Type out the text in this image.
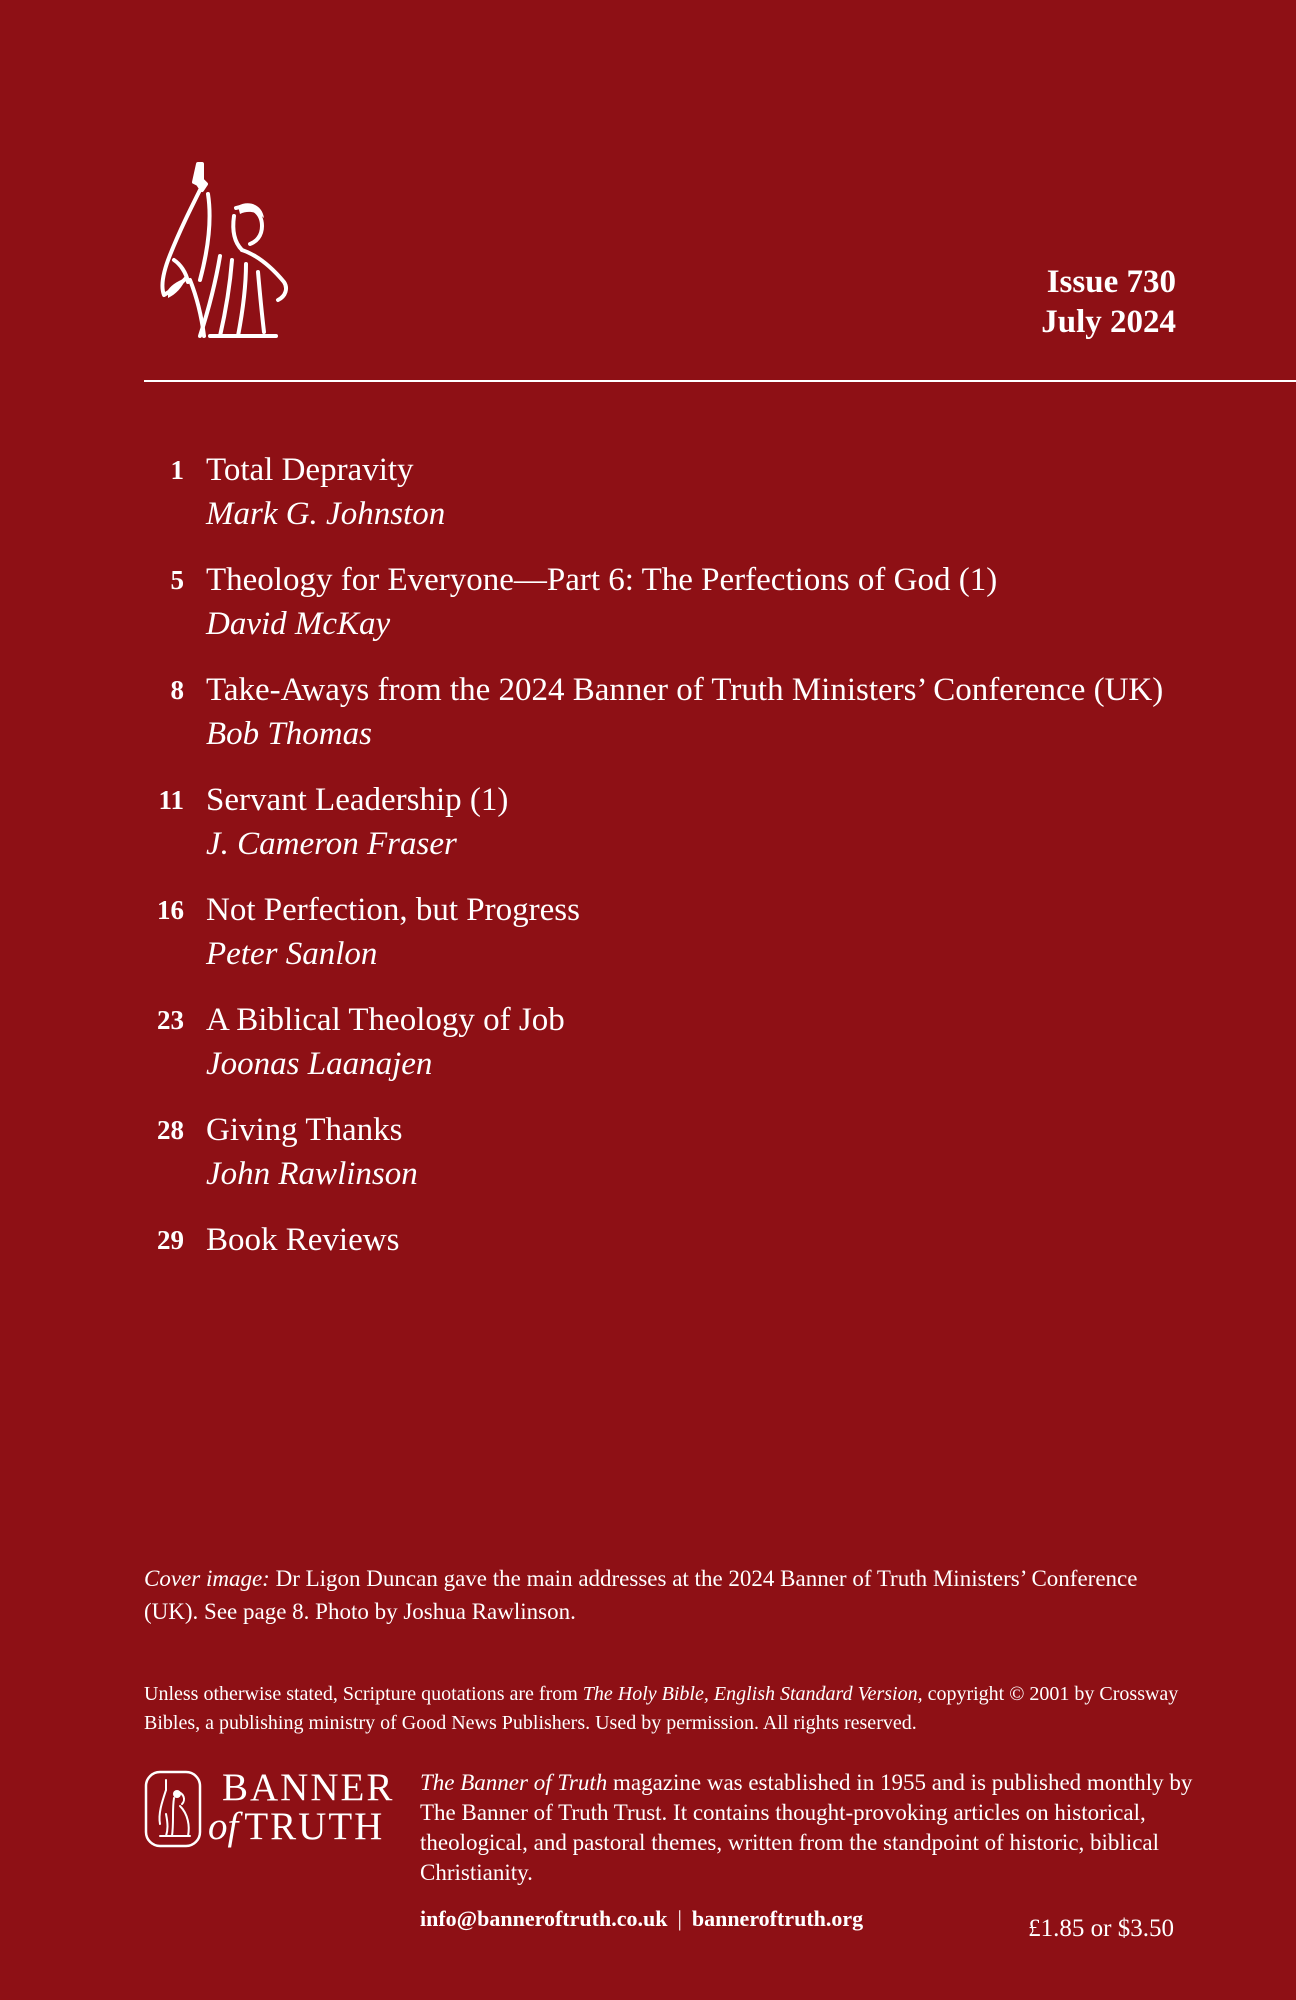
Issue 730
July 2024
1 Total Depravity
Mark G. Johnston
5 Theology for Everyone—Part 6: The Perfections of God (1)
David McKay
8 Take-Aways from the 2024 Banner of Truth Ministers’ Conference (UK)
Bob Thomas
11 Servant Leadership (1)
J. Cameron Fraser
16 Not Perfection, but Progress
Peter Sanlon
23 A Biblical Theology of Job
Joonas Laanajen
28 Giving Thanks
John Rawlinson
29 Book Reviews
Cover image: Dr Ligon Duncan gave the main addresses at the 2024 Banner of Truth Ministers’ Conference (UK). See page 8. Photo by Joshua Rawlinson.
Unless otherwise stated, Scripture quotations are from The Holy Bible, English Standard Version, copyright © 2001 by Crossway Bibles, a publishing ministry of Good News Publishers. Used by permission. All rights reserved.
BANNER
of TRUTH
The Banner of Truth magazine was established in 1955 and is published monthly by The Banner of Truth Trust. It contains thought-provoking articles on historical, theological, and pastoral themes, written from the standpoint of historic, biblical Christianity.
info@banneroftruth.co.uk | banneroftruth.org	£1.85 or $3.50
